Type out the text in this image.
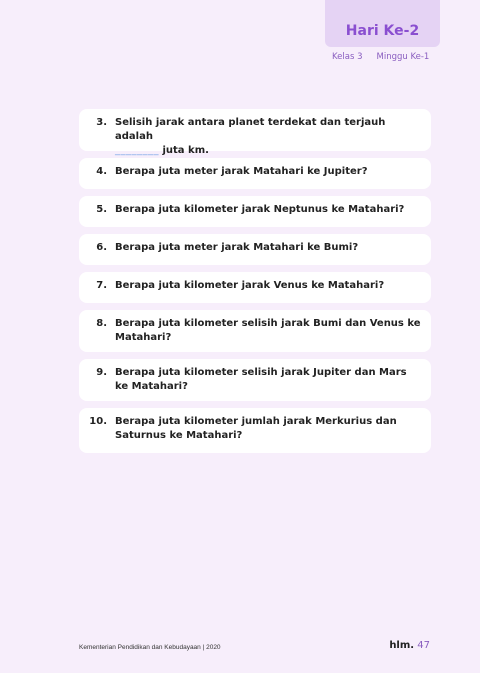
Hari Ke-2
Kelas 3 Minggu Ke-1
3. Selisih jarak antara planet terdekat dan terjauh adalah
________ juta km.
4. Berapa juta meter jarak Matahari ke Jupiter?
5. Berapa juta kilometer jarak Neptunus ke Matahari?
6. Berapa juta meter jarak Matahari ke Bumi?
7. Berapa juta kilometer jarak Venus ke Matahari?
8. Berapa juta kilometer selisih jarak Bumi dan Venus ke Matahari?
9. Berapa juta kilometer selisih jarak Jupiter dan Mars ke Matahari?
10. Berapa juta kilometer jumlah jarak Merkurius dan Saturnus ke Matahari?
Kementerian Pendidikan dan Kebudayaan | 2020	hlm. 47
